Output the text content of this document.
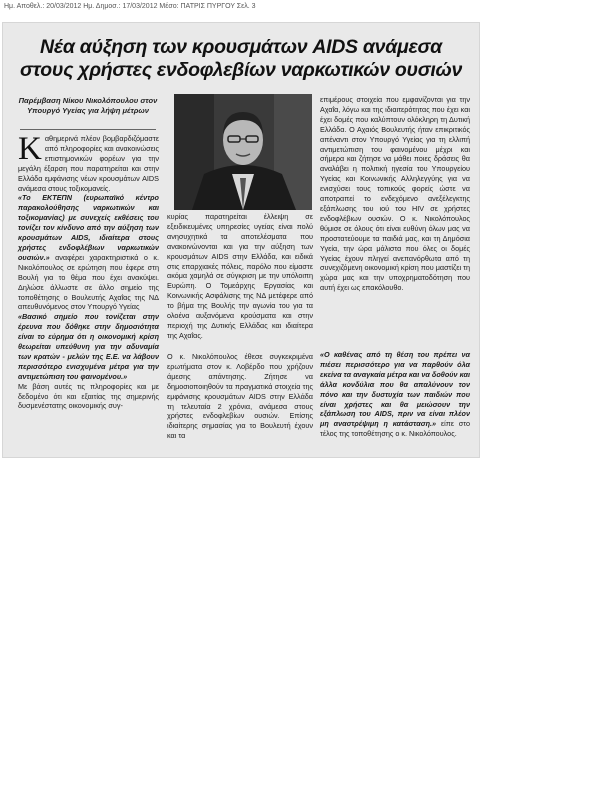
Ημ. Αποθελ.: 20/03/2012 Ημ. Δημοσ.: 17/03/2012 Μέσο: ΠΑΤΡΙΣ ΠΥΡΓΟΥ Σελ. 3
Νέα αύξηση των κρουσμάτων AIDS ανάμεσα
στους χρήστες ενδοφλεβίων ναρκωτικών ουσιών
Παρέμβαση Νίκου Νικολόπουλου στον
Υπουργό Υγείας για λήψη μέτρων

Καθημερινά πλέον βομβαρδιζόμαστε από πληροφορίες και ανακοινώσεις επιστημονικών φορέων για την μεγάλη έξαρση που παρατηρείται και στην Ελλάδα εμφάνισης νέων κρουσμάτων AIDS ανάμεσα στους τοξικομανείς.

«Το ΕΚΤΕΠΝ (ευρωπαϊκό κέντρο παρακολούθησης ναρκωτικών και τοξικομανίας) με συνεχείς εκθέσεις του τονίζει τον κίνδυνο από την αύξηση των κρουσμάτων AIDS, ιδιαίτερα στους χρήστες ενδοφλέβιων ναρκωτικών ουσιών.» αναφέρει χαρακτηριστικά ο κ. Νικολόπουλος σε ερώτηση που έφερε στη Βουλή για το θέμα που έχει ανακύψει. Δηλώσε άλλωστε σε άλλο σημείο της τοποθέτησης ο Βουλευτής Αχαΐας της ΝΔ απευθυνόμενος στον Υπουργό Υγείας

«Βασικό σημείο που τονίζεται στην έρευνα που δόθηκε στην δημοσιότητα είναι το εύρημα ότι η οικονομική κρίση θεωρείται υπεύθυνη για την αδυναμία των κρατών - μελών της Ε.Ε. να λάβουν περισσότερο ενισχυμένα μέτρα για την αντιμετώπιση του φαινομένου.»

Με βάση αυτές τις πληροφορίες και με δεδομένο ότι και εξαιτίας της σημερινής δυσμενέστατης οικονομικής συγ-

κυρίας παρατηρείται έλλειψη σε εξειδικευμένες υπηρεσίες υγείας είναι πολύ ανησυχητικά τα αποτελέσματα που ανακοινώνονται και για την αύξηση των κρουσμάτων AIDS στην Ελλάδα, και ειδικά στις επαρχιακές πόλεις, παρόλο που είμαστε ακόμα χαμηλά σε σύγκριση με την υπόλοιπη Ευρώπη. Ο Τομεάρχης Εργασίας και Κοινωνικής Ασφάλισης της ΝΔ μετέφερε από το βήμα της Βουλής την αγωνία του για τα ολοένα αυξανόμενα κρούσματα και στην περιοχή της Δυτικής Ελλάδας και ιδιαίτερα της Αχαΐας.

Ο κ. Νικολόπουλος έθεσε συγκεκριμένα ερωτήματα στον κ. Λοβέρδο που χρήζουν άμεσης απάντησης. Ζήτησε να δημοσιοποιηθούν τα πραγματικά στοιχεία της εμφάνισης κρουσμάτων AIDS στην Ελλάδα τη τελευταία 2 χρόνια, ανάμεσα στους χρήστες ενδοφλεβίων ουσιών. Επίσης ιδιαίτερης σημασίας για το Βουλευτή έχουν και τα

επιμέρους στοιχεία που εμφανίζονται για την Αχαΐα, λόγω και της ιδιαιτερότητας που έχει και έχει δομές που καλύπτουν ολόκληρη τη Δυτική Ελλάδα. Ο Αχαιός Βουλευτής ήταν επικριτικός απέναντι στον Υπουργό Υγείας για τη ελλιπή αντιμετώπιση του φαινομένου μέχρι και σήμερα και ζήτησε να μάθει ποιες δράσεις θα αναλάβει η πολιτική ηγεσία του Υπουργείου Υγείας και Κοινωνικής Αλληλεγγύης για να ενισχύσει τους τοπικούς φορείς ώστε να αποτραπεί το ενδεχόμενο ανεξέλεγκτης εξάπλωσης του ιού του HIV σε χρήστες ενδοφλέβιων ουσιών. Ο κ. Νικολόπουλος θύμισε σε όλους ότι είναι ευθύνη όλων μας να προστατεύουμε τα παιδιά μας, και τη Δημόσια Υγεία, την ώρα μάλιστα που όλες οι δομές Υγείας έχουν πληγεί ανεπανόρθωτα από τη συνεχιζόμενη οικονομική κρίση που μαστίζει τη χώρα μας και την υποχρηματοδότηση που αυτή έχει ως επακόλουθο.

«Ο καθένας από τη θέση του πρέπει να πιέσει περισσότερο για να παρθούν όλα εκείνα τα αναγκαία μέτρα και να δοθούν και άλλα κονδύλια που θα απαλύνουν τον πόνο και την δυστυχία των παιδιών που είναι χρήστες και θα μειώσουν την εξάπλωση του AIDS, πριν να είναι πλέον μη αναστρέψιμη η κατάσταση.» είπε στο τέλος της τοποθέτησης ο κ. Νικολόπουλος.
